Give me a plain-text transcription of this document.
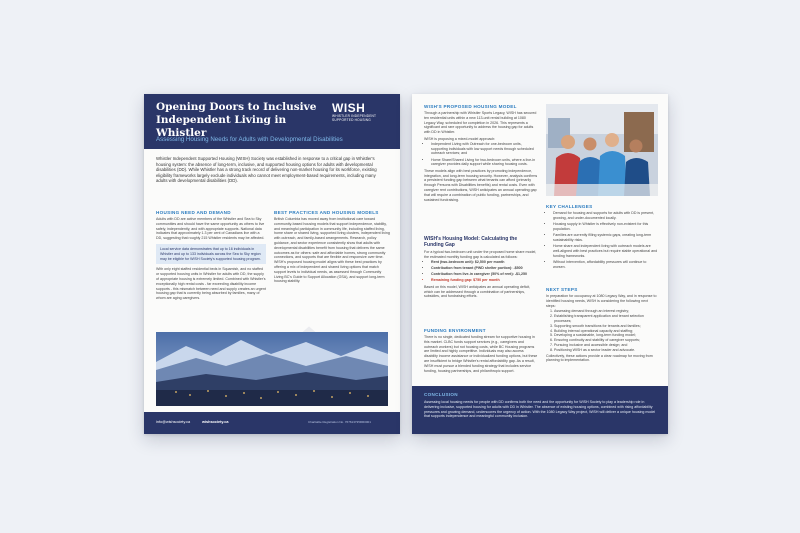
Opening Doors to Inclusive Independent Living in Whistler
WISH
WHISTLER INDEPENDENT SUPPORTED HOUSING
Assessing Housing Needs for Adults with Developmental Disabilities
Whistler Independent Supported Housing (WISH) Society was established in response to a critical gap in Whistler's housing system: the absence of long-term, inclusive, and supported housing options for adults with developmental disabilities (DD). While Whistler has a strong track record of delivering non-market housing for its workforce, existing eligibility frameworks largely exclude individuals who cannot meet employment-based requirements, including many adults with developmental disabilities (DD).
HOUSING NEED AND DEMAND
Adults with DD are active members of the Whistler and Sea to Sky communities and should have the same opportunity as others to live safely, independently, and with appropriate supports. National data indicates that approximately 1.3 per cent of Canadians live with a DD, suggesting that roughly 215 Whistler residents may be affected.
Local service data demonstrates that up to 16 individuals in Whistler and up to 133 individuals across the Sea to Sky region may be eligible for WISH Society's supported housing program.
With only eight staffed residential beds in Squamish, and no staffed or supported housing units in Whistler for adults with DD, the supply of appropriate housing is extremely limited. Combined with Whistler's exceptionally high rental costs - far exceeding disability income supports - this mismatch between need and supply creates an urgent housing gap that is currently being absorbed by families, many of whom are aging caregivers.
BEST PRACTICES AND HOUSING MODELS
British Columbia has moved away from institutional care toward community-based housing models that support independence, stability, and meaningful participation in community life, including staffed living, home share or shared living, supported living clusters, independent living with outreach, and family-based arrangements. Research, policy guidance, and sector experience consistently show that adults with developmental disabilities benefit from housing that delivers the same outcomes as for others: safe and affordable homes, strong community connections, and supports that are flexible and responsive over time. WISH's proposed housing model aligns with these best practices by offering a mix of independent and shared living options that match support levels to individual needs, as assessed through Community Living BC's Guide to Support Allocation (GSA), and support long-term housing stability.
info@wishsociety.ca	wishsociety.ca	Charitable Registration No. 767613735RR0001
WISH'S PROPOSED HOUSING MODEL
Through a partnership with Whistler Sports Legacy, WISH has secured ten residential units within a new 113-unit rental building at 1080 Legacy Way, scheduled for completion in 2026. This represents a significant and rare opportunity to address the housing gap for adults with DD in Whistler.
WISH is proposing a mixed-model approach:
• Independent Living with Outreach for one-bedroom units, supporting individuals with low support needs through scheduled outreach services; and
• Home Share/Shared Living for two-bedroom units, where a live-in caregiver provides daily support while sharing housing costs.
These models align with best practices by promoting independence, integration, and long-term housing security. However, analysis confirms a persistent funding gap between what tenants can afford (primarily through Persons with Disabilities benefits) and rental costs. Even with caregiver rent contributions, WISH anticipates an annual operating gap that will require a combination of public funding, partnerships, and sustained fundraising.
WISH's Housing Model: Calculating the Funding Gap
For a typical two-bedroom unit under the proposed home share model, the estimated monthly funding gap is calculated as follows:
• Rent (two-bedroom unit): $2,500 per month
• Contribution from tenant (PWD shelter portion): -$500
• Contribution from live-in caregiver (50% of rent): -$1,250
• Remaining funding gap: $750 per month
Based on this model, WISH anticipates an annual operating deficit, which can be addressed through a combination of partnerships, subsidies, and fundraising efforts.
FUNDING ENVIRONMENT
There is no single, dedicated funding stream for supportive housing in this market. CLBC funds support services (e.g., caregivers and outreach workers) but not housing costs, while BC Housing programs are limited and highly competitive. Individuals may also access disability income assistance or individualized funding options, but these are insufficient to bridge Whistler's rental affordability gap. As a result, WISH must pursue a blended funding strategy that includes service funding, housing partnerships, and philanthropic support.
KEY CHALLENGES
• Demand for housing and supports for adults with DD is present, growing, and under-documented locally.
• Housing supply in Whistler is effectively non-existent for this population.
• Families are currently filling systemic gaps, creating long-term sustainability risks.
• Home share and independent living with outreach models are well-aligned with best practices but require stable operational and funding frameworks.
• Without intervention, affordability pressures will continue to worsen.
NEXT STEPS
In preparation for occupancy at 1080 Legacy Way, and in response to identified housing needs, WISH is considering the following next steps:
1. Assessing demand through an interest registry;
2. Establishing transparent application and tenant selection processes;
3. Supporting smooth transitions for tenants and families;
4. Building internal operational capacity and staffing;
5. Developing a sustainable, long-term funding model;
6. Ensuring continuity and stability of caregiver supports;
7. Pursuing inclusive and accessible design; and
8. Positioning WISH as a sector leader and advocate.
Collectively, these actions provide a clear roadmap for moving from planning to implementation.
CONCLUSION
Assessing local housing needs for people with DD confirms both the need and the opportunity for WISH Society to play a leadership role in delivering inclusive, supported housing for adults with DD in Whistler. The absence of existing housing options, combined with rising affordability pressures and growing demand, underscores the urgency of action. With the 1080 Legacy Way project, WISH will deliver a unique housing model that supports independence and meaningful community inclusion.
